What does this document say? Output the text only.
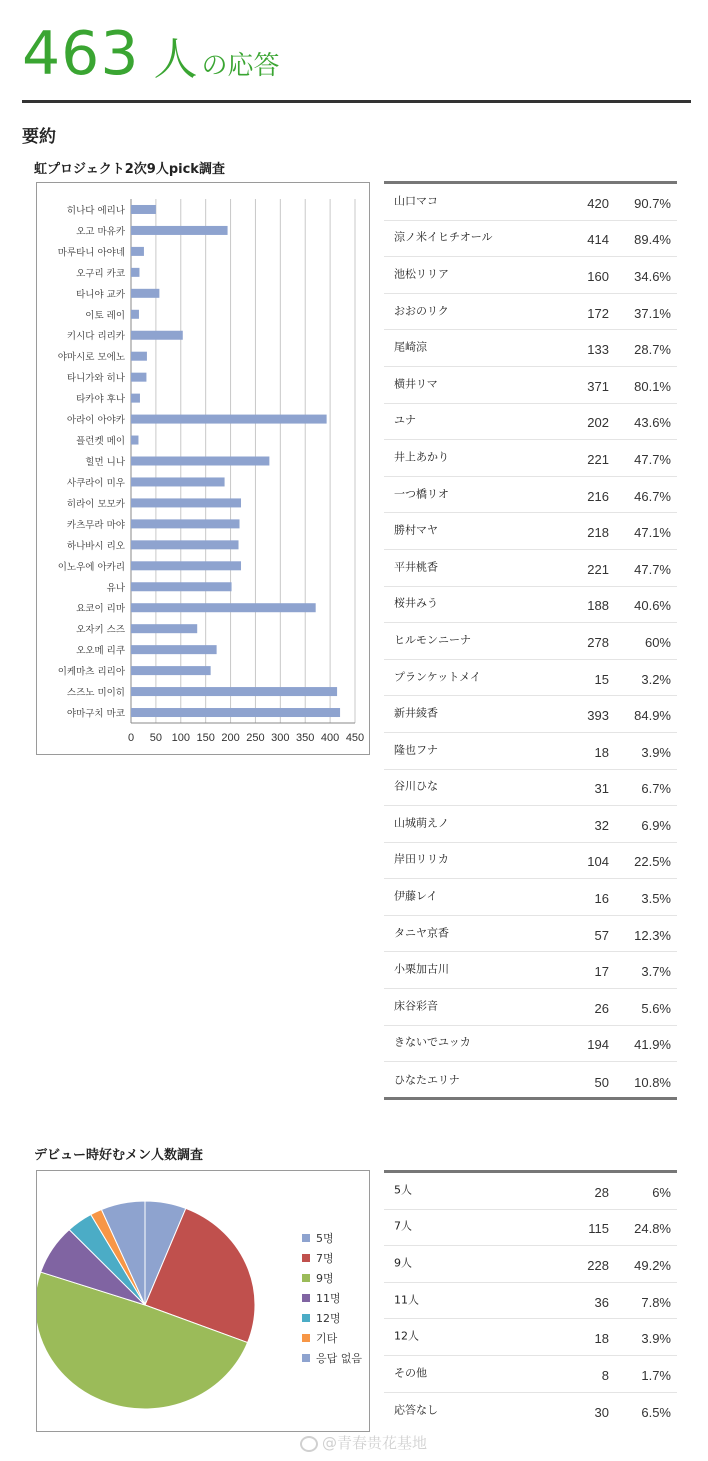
463 人 の応答
要約
虹プロジェクト2次9人pick調査
0 50 100 150 200 250 300 350 400 450
히나다 에리나
오고 마유카
마루타니 아야네
오구리 카코
타니야 교카
이토 레이
키시다 리리카
야마시로 모에노
타니가와 히나
타카야 후나
아라이 아야카
플런켓 메이
힐먼 니나
사쿠라이 미우
히라이 모모카
카츠무라 마야
하나바시 리오
이노우에 아카리
유나
요코이 리마
오자키 스즈
오오메 리쿠
이케마츠 리리아
스즈노 미이히
야마구치 마코
山口マコ	420 90.7%
涼ノ米イヒチオール	414 89.4%
池松リリア	160 34.6%
おおのリク	172 37.1%
尾崎涼	133 28.7%
横井リマ	371 80.1%
ユナ	202 43.6%
井上あかり	221 47.7%
一つ橋リオ	216 46.7%
勝村マヤ	218 47.1%
平井桃香	221 47.7%
桜井みう	188 40.6%
ヒルモンニーナ	278	60%
プランケットメイ	15 3.2%
新井綾香	393 84.9%
隆也フナ	18 3.9%
谷川ひな	31 6.7%
山城萌えノ	32 6.9%
岸田リリカ	104 22.5%
伊藤レイ	16 3.5%
タニヤ京香	57 12.3%
小栗加古川	17 3.7%
床谷彩音	26 5.6%
きないでユッカ	194 41.9%
ひなたエリナ	50 10.8%
デビュー時好むメン人数調査
5명
7명
9명
11명
12명
기타
응답 없음
5人	28	6%
7人	115 24.8%
9人	228 49.2%
11人	36 7.8%
12人	18 3.9%
その他	8 1.7%
応答なし	30 6.5%
@青春贵花基地
